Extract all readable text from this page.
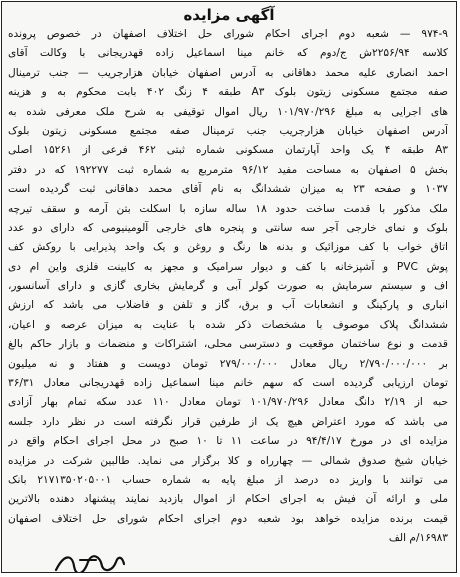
آگهی مزایده
۹۷۴-۹ — شعبه دوم اجرای احکام شورای حل اختلاف اصفهان در خصوص پرونده
کلاسه ۲۲۵۶/۹۴ش ج/دوم که خانم مینا اسماعیل زاده قهدریجانی با وکالت آقای
احمد انصاری علیه محمد دهاقانی به آدرس اصفهان خیابان هزارجریب — جنب ترمینال
صفه مجتمع مسکونی زیتون بلوک A۳ طبقه ۴ زنگ ۴۰۲ بابت محکوم به و هزینه
های اجرایی به مبلغ ۱۰۱/۹۷۰/۲۹۶ ریال اموال توقیفی به شرح ملک معرفی شده به
آدرس اصفهان خیابان هزارجریب جنب ترمینال صفه مجتمع مسکونی زیتون بلوک
A۳ طبقه ۴ یک واحد آپارتمان مسکونی شماره ثبتی ۴۶۲ فرعی از ۱۵۲۶۱ اصلی
بخش ۵ اصفهان به مساحت مفید ۹۶/۱۲ مترمربع به شماره ثبت ۱۹۲۲۷۷ که در دفتر
۱۰۳۷ و صفحه ۲۳ به میزان ششدانگ به نام آقای محمد دهاقانی ثبت گردیده است
ملک مذکور با قدمت ساخت حدود ۱۸ ساله سازه با اسکلت بتن آرمه و سقف تیرچه
بلوک و نمای خارجی آجر سه سانتی و پنجره های خارجی آلومینیومی که دارای دو عدد
اتاق خواب با کف موزائیک و بدنه ها رنگ و روغن و یک واحد پذیرایی با روکش کف
پوش PVC و آشپزخانه با کف و دیوار سرامیک و مجهز به کابینت فلزی واین ام دی
اف و سیستم سرمایش به صورت کولر آبی و گرمایش بخاری گازی و دارای آسانسور،
انباری و پارکینگ و انشعابات آب و برق، گاز و تلفن و فاضلاب می باشد که ارزش
ششدانگ پلاک موصوف با مشخصات ذکر شده با عنایت به میزان عرصه و اعیان،
قدمت و نوع ساختمان موقعیت و دسترسی محلی، اشتراکات و منضمات و بازار حاکم بالغ
بر ۲/۷۹۰/۰۰۰/۰۰۰ ریال معادل ۲۷۹/۰۰۰/۰۰۰ تومان دویست و هفتاد و نه میلیون
تومان ارزیابی گردیده است که سهم خانم مینا اسماعیل زاده قهدریجانی معادل ۳۶/۳۱
حبه از ۲/۱۹ دانگ معادل ۱۰۱/۹۷۰/۲۹۶ تومان معادل ۱۱۰ عدد سکه تمام بهار آزادی
می باشد که مورد اعتراض هیچ یک از طرفین قرار نگرفته است در نظر دارد جلسه
مزایده ای در مورخ ۹۴/۴/۱۷ در ساعت ۱۱ تا ۱۰ صبح در محل اجرای احکام واقع در
خیابان شیخ صدوق شمالی — چهارراه و کلا برگزار می نماید. طالبین شرکت در مزایده
می توانند با واریز ده درصد از مبلغ پایه به شماره حساب ۲۱۷۱۳۵۰۲۰۵۰۰۱ بانک
ملی و ارائه آن فیش به اجرای احکام از اموال بازدید نمایند پیشنهاد دهنده بالاترین
قیمت برنده مزایده خواهد بود شعبه دوم اجرای احکام شورای حل اختلاف اصفهان
۱۶۹۸۳/م الف
